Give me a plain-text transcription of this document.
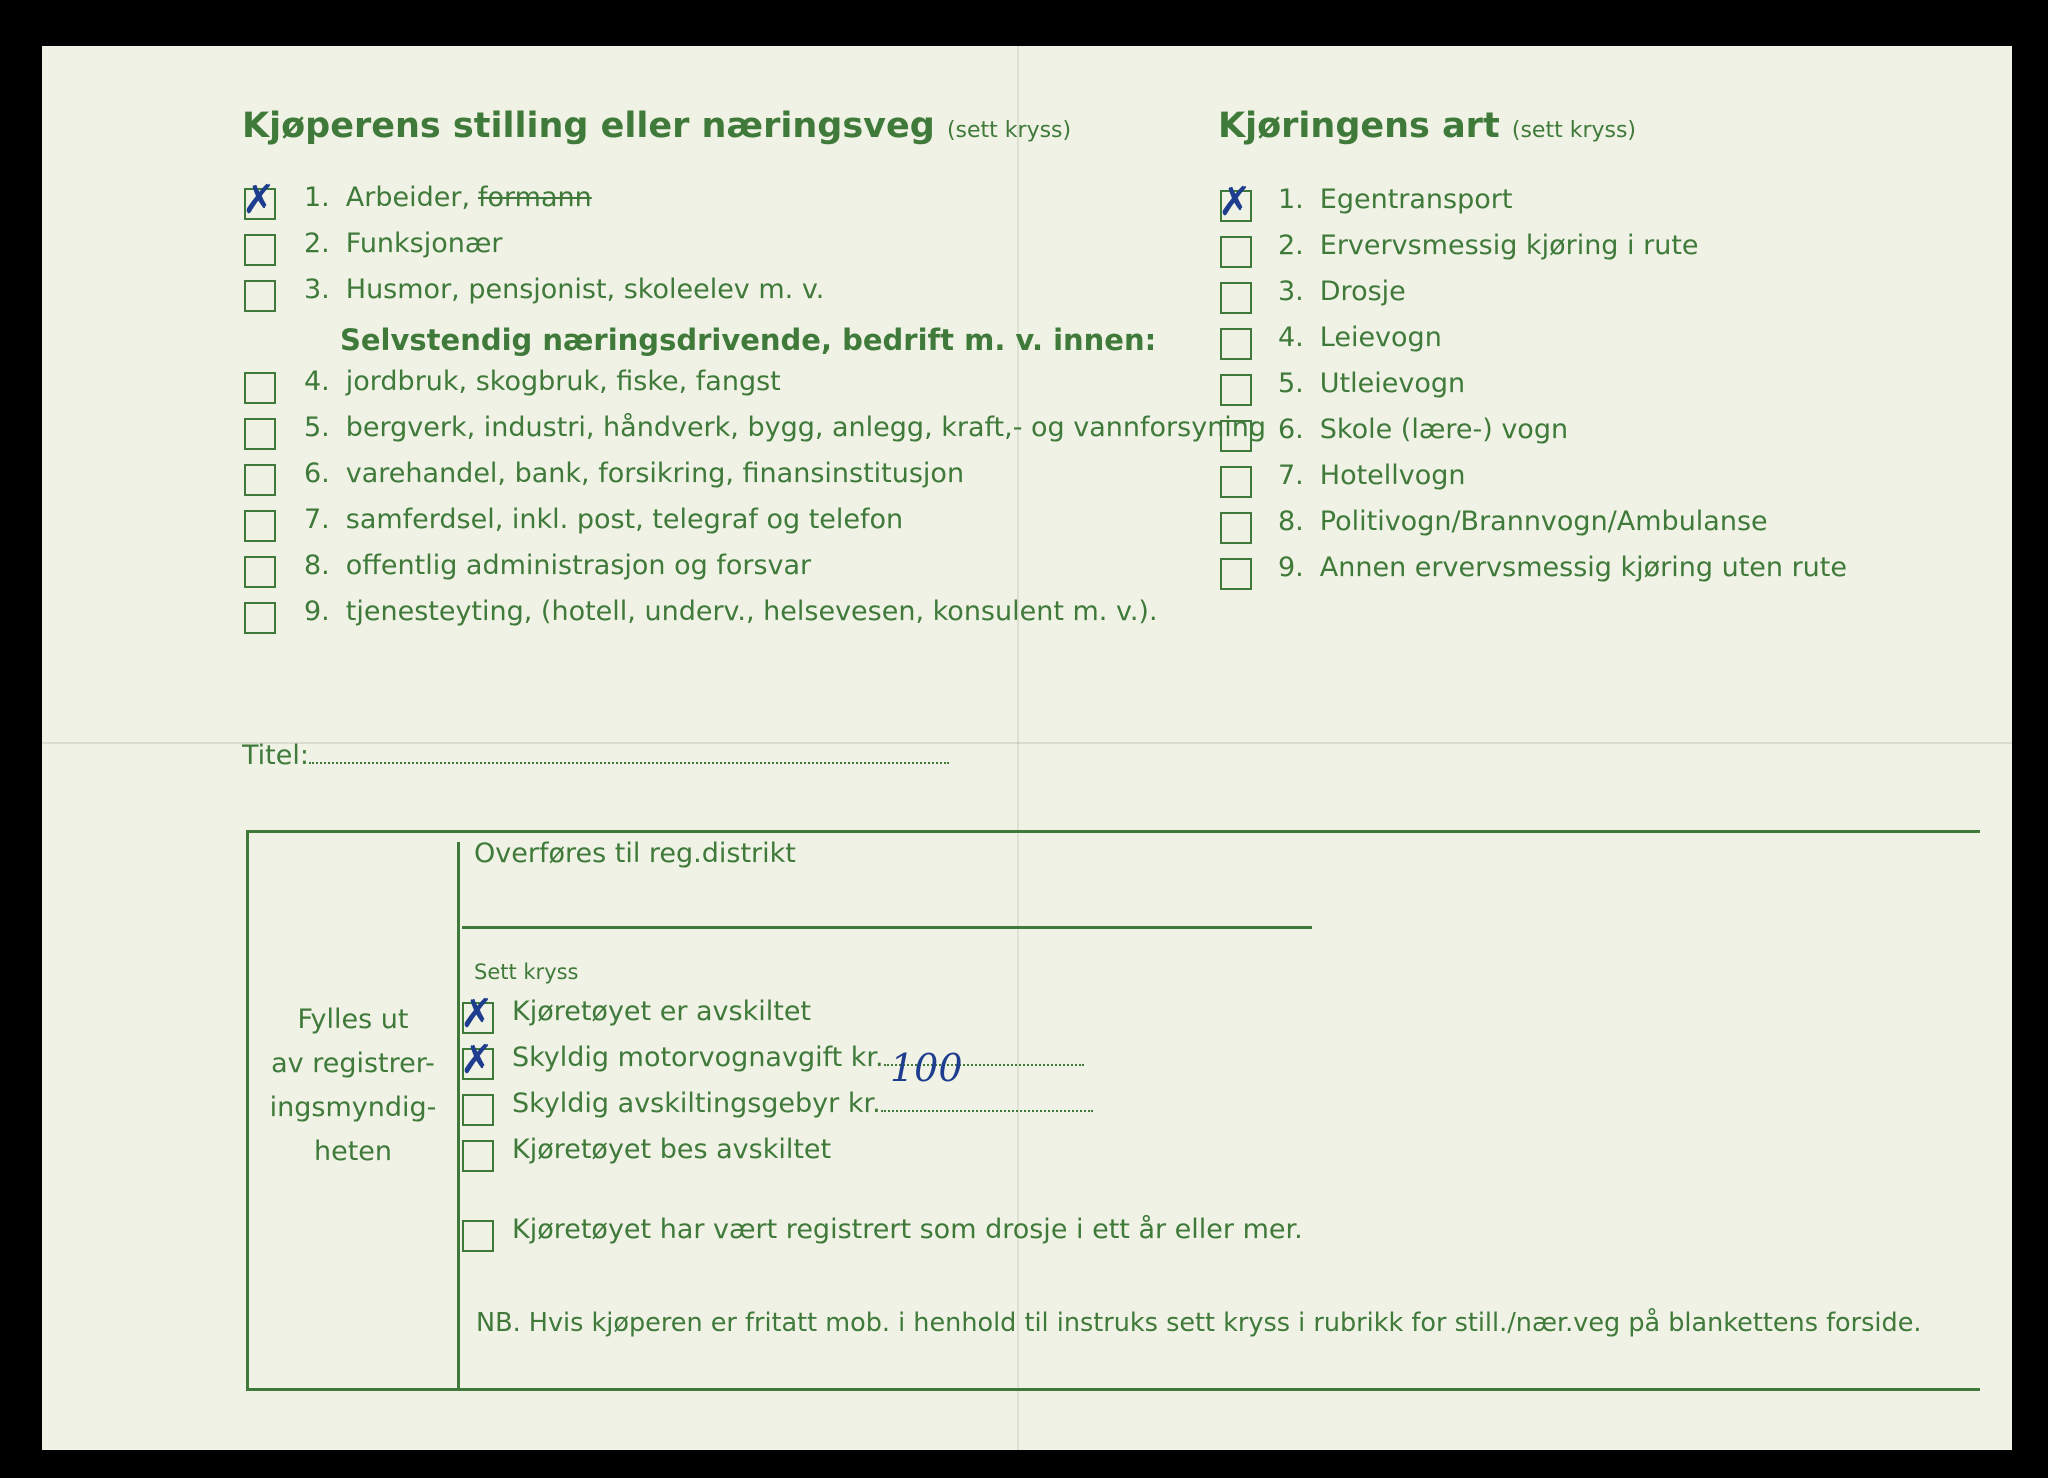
Kjøperens stilling eller næringsveg (sett kryss)
✗ 1. Arbeider, formann
2. Funksjonær
3. Husmor, pensjonist, skoleelev m. v.
4. jordbruk, skogbruk, fiske, fangst
5. bergverk, industri, håndverk, bygg, anlegg, kraft,- og vannforsyning
6. varehandel, bank, forsikring, finansinstitusjon
7. samferdsel, inkl. post, telegraf og telefon
8. offentlig administrasjon og forsvar
9. tjenesteyting, (hotell, underv., helsevesen, konsulent m. v.).
Selvstendig næringsdrivende, bedrift m. v. innen:
Kjøringens art (sett kryss)
✗ 1. Egentransport
2. Ervervsmessig kjøring i rute
3. Drosje
4. Leievogn
5. Utleievogn
6. Skole (lære-) vogn
7. Hotellvogn
8. Politivogn/Brannvogn/Ambulanse
9. Annen ervervsmessig kjøring uten rute
Titel:
Fylles ut
av registrer-
ingsmyndig-
heten
Overføres til reg.distrikt
Sett kryss
✗ Kjøretøyet er avskiltet
✗ Skyldig motorvognavgift kr.
Skyldig avskiltingsgebyr kr.
Kjøretøyet bes avskiltet
Kjøretøyet har vært registrert som drosje i ett år eller mer.
100
NB. Hvis kjøperen er fritatt mob. i henhold til instruks sett kryss i rubrikk for still./nær.veg på blankettens forside.
